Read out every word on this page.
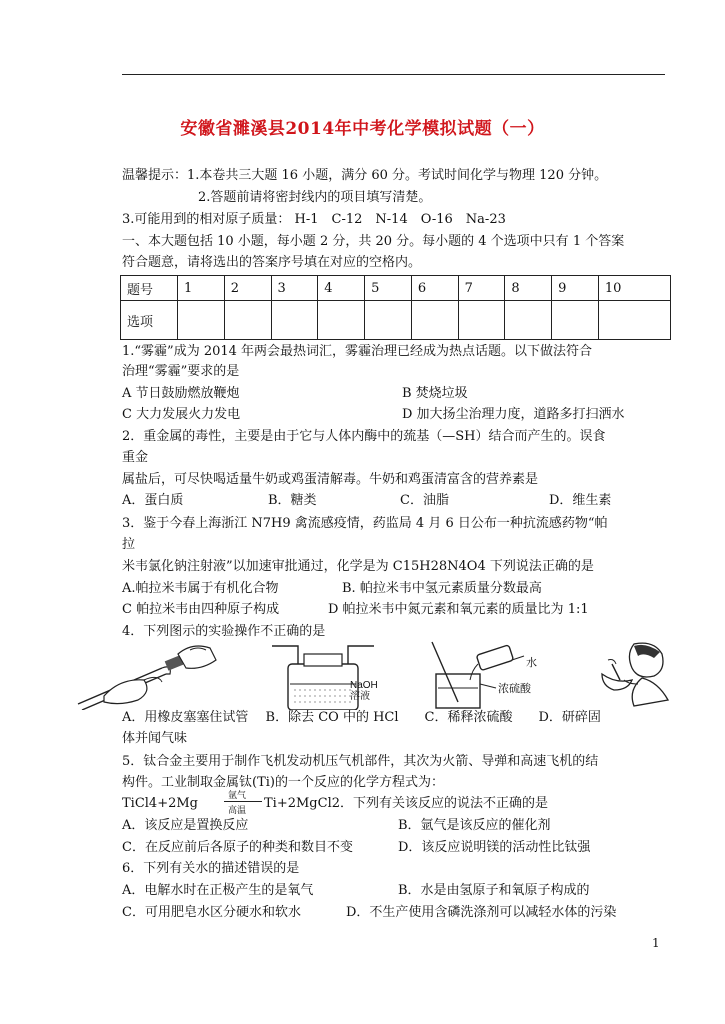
安徽省濉溪县2014年中考化学模拟试题（一）
温馨提示：1.本卷共三大题 16 小题，满分 60 分。考试时间化学与物理 120 分钟。
2.答题前请将密封线内的项目填写清楚。
3.可能用到的相对原子质量： H-1　C-12　N-14　O-16　Na-23
一、本大题包括 10 小题，每小题 2 分，共 20 分。每小题的 4 个选项中只有 1 个答案
符合题意，请将选出的答案序号填在对应的空格内。
题号	1	2	3	4	5	6	7	8	9	10
选项										
1.“雾霾”成为 2014 年两会最热词汇，雾霾治理已经成为热点话题。以下做法符合
治理“雾霾”要求的是
A 节日鼓励燃放鞭炮	B 焚烧垃圾
C 大力发展火力发电	D 加大扬尘治理力度，道路多打扫洒水
2．重金属的毒性，主要是由于它与人体内酶中的巯基（—SH）结合而产生的。误食
重金
属盐后，可尽快喝适量牛奶或鸡蛋清解毒。牛奶和鸡蛋清富含的营养素是
A．蛋白质	B．糖类	C．油脂	D．维生素
3．鉴于今春上海浙江 N7H9 禽流感疫情，药监局 4 月 6 日公布一种抗流感药物“帕
拉
米韦氯化钠注射液”以加速审批通过，化学是为 C15H28N4O4 下列说法正确的是
A.帕拉米韦属于有机化合物	B. 帕拉米韦中氢元素质量分数最高
C 帕拉米韦由四种原子构成	D 帕拉米韦中氮元素和氧元素的质量比为 1:1
4．下列图示的实验操作不正确的是
NaOH
溶液
水
浓硫酸
A．用橡皮塞塞住试管　 B．除去 CO 中的 HCl　　C．稀释浓硫酸　　D．研碎固
体并闻气味
5．钛合金主要用于制作飞机发动机压气机部件，其次为火箭、导弹和高速飞机的结
构件。工业制取金属钛(Ti)的一个反应的化学方程式为：
TiCl4+2Mg	氩气
高温 Ti+2MgCl2．下列有关该反应的说法不正确的是
A．该反应是置换反应	B．氩气是该反应的催化剂
C．在反应前后各原子的种类和数目不变	D．该反应说明镁的活动性比钛强
6．下列有关水的描述错误的是
A．电解水时在正极产生的是氧气	B．水是由氢原子和氧原子构成的
C．可用肥皂水区分硬水和软水	D．不生产使用含磷洗涤剂可以减轻水体的污染
1
